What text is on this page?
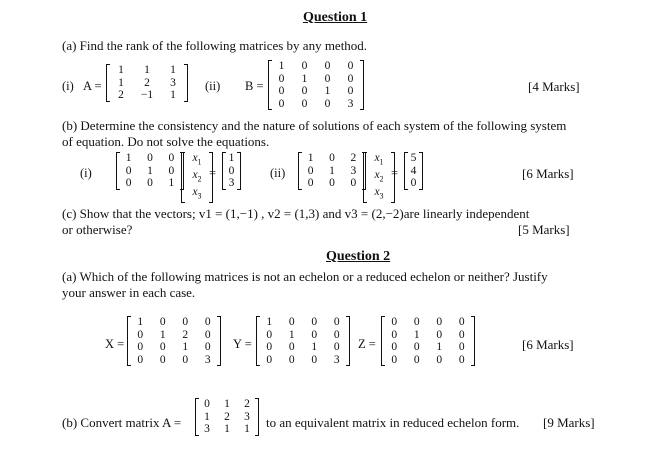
Question 1
(a) Find the rank of the following matrices by any method.
(i) A =
1	1	1
1	2	3
2	−1	1
(ii) B =
1	0	0	0
0	1	0	0
0	0	1	0
0	0	0	3
[4 Marks]
(b) Determine the consistency and the nature of solutions of each system of the following system
of equation. Do not solve the equations.
(i)
1	0	0
0	1	0
0	0	1
$x_1$
$x_2$
$x_3$
=
1
0
3
(ii)
1	0	2
0	1	3
0	0	0
$x_1$
$x_2$
$x_3$
=
5
4
0
[6 Marks]
(c) Show that the vectors; v1 = (1,−1) , v2 = (1,3) and v3 = (2,−2)are linearly independent
or otherwise?	[5 Marks]
Question 2
(a) Which of the following matrices is not an echelon or a reduced echelon or neither? Justify
your answer in each case.
X =
1	0	0	0
0	1	2	0
0	0	1	0
0	0	0	3
Y =
1	0	0	0
0	1	0	0
0	0	1	0
0	0	0	3
Z =
0	0	0	0
0	1	0	0
0	0	1	0
0	0	0	0
[6 Marks]
(b) Convert matrix A =
0	1	2
1	2	3
3	1	1	to an equivalent matrix in reduced echelon form. [9 Marks]
